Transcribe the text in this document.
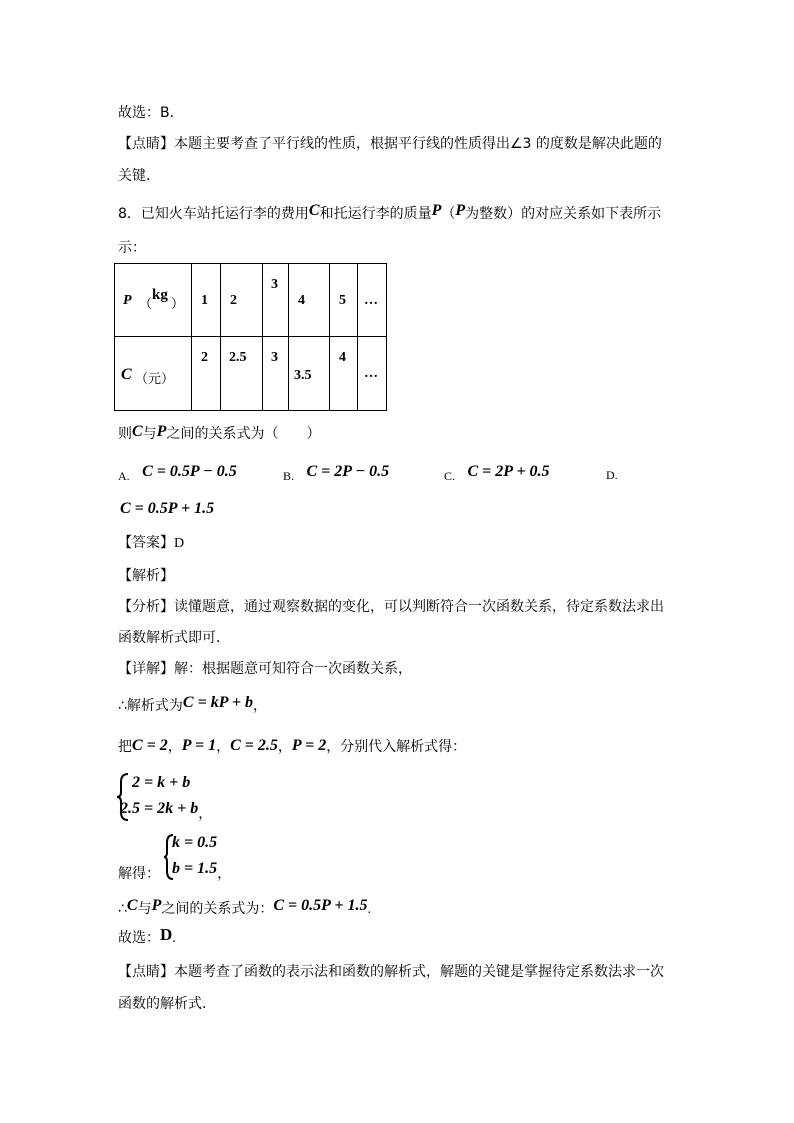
故选：B．
【点睛】本题主要考查了平行线的性质，根据平行线的性质得出∠3 的度数是解决此题的
关键．
8．已知火车站托运行李的费用C和托运行李的质量P（P为整数）的对应关系如下表所示
示：
P （
kg
）	1	2	3	4	5	…

C （元）	2	2.5	3	3.5	4	…
则C与P之间的关系式为（　　）
A. C = 0.5P − 0.5	B. C = 2P − 0.5	C. C = 2P + 0.5	D.
C = 0.5P + 1.5
【答案】D
【解析】
【分析】读懂题意，通过观察数据的变化，可以判断符合一次函数关系，待定系数法求出
函数解析式即可．
【详解】解：根据题意可知符合一次函数关系，
∴解析式为C = kP + b，
把C = 2，P = 1，C = 2.5，P = 2，分别代入解析式得：
2 = k + b
2.5 = 2k + b，
解得：
k = 0.5
b = 1.5，
∴C与P之间的关系式为：C = 0.5P + 1.5.
故选：D.
【点睛】本题考查了函数的表示法和函数的解析式，解题的关键是掌握待定系数法求一次
函数的解析式．
